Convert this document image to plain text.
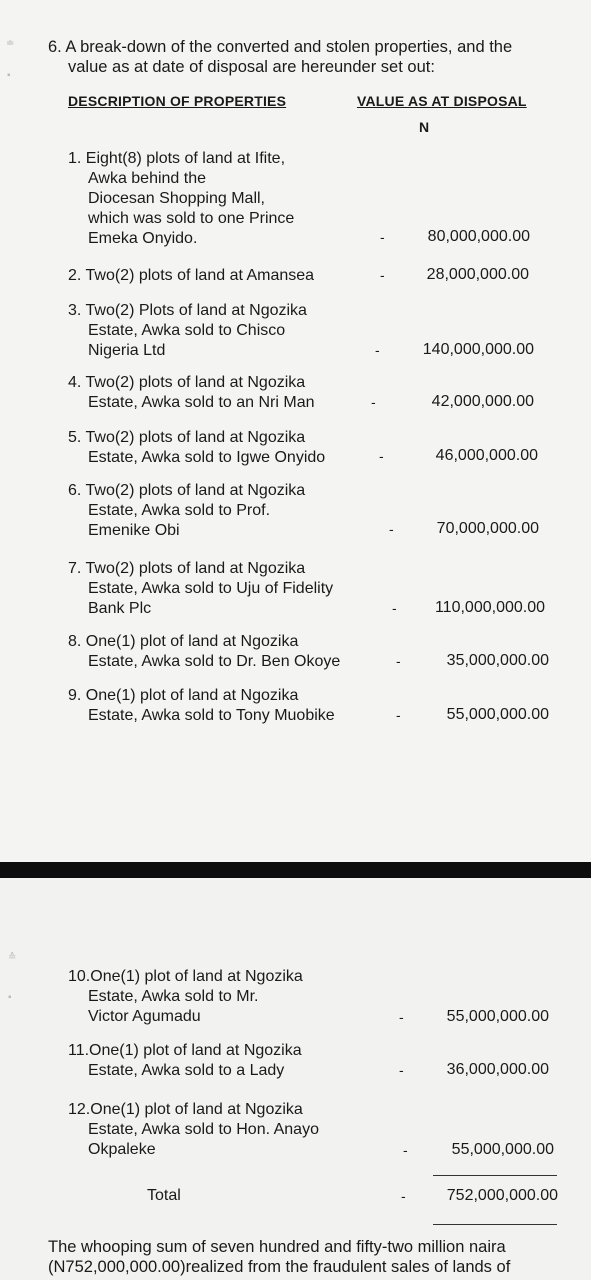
≐
▪
6. A break-down of the converted and stolen properties, and the
value as at date of disposal are hereunder set out:
DESCRIPTION OF PROPERTIES	VALUE AS AT DISPOSAL
N
1. Eight(8) plots of land at Ifite,
Awka behind the
Diocesan Shopping Mall,
which was sold to one Prince
Emeka Onyido.	-	80,000,000.00
2. Two(2) plots of land at Amansea	-	28,000,000.00
3. Two(2) Plots of land at Ngozika
Estate, Awka sold to Chisco
Nigeria Ltd	-	140,000,000.00
4. Two(2) plots of land at Ngozika
Estate, Awka sold to an Nri Man	-	42,000,000.00
5. Two(2) plots of land at Ngozika
Estate, Awka sold to Igwe Onyido	-	46,000,000.00
6. Two(2) plots of land at Ngozika
Estate, Awka sold to Prof.
Emenike Obi	-	70,000,000.00
7. Two(2) plots of land at Ngozika
Estate, Awka sold to Uju of Fidelity
Bank Plc	-	110,000,000.00
8. One(1) plot of land at Ngozika
Estate, Awka sold to Dr. Ben Okoye	-	35,000,000.00
9. One(1) plot of land at Ngozika
Estate, Awka sold to Tony Muobike	-	55,000,000.00
≙
▪
10.One(1) plot of land at Ngozika
Estate, Awka sold to Mr.
Victor Agumadu	-	55,000,000.00
11.One(1) plot of land at Ngozika
Estate, Awka sold to a Lady	-	36,000,000.00
12.One(1) plot of land at Ngozika
Estate, Awka sold to Hon. Anayo
Okpaleke	-	55,000,000.00
Total	-	752,000,000.00
The whooping sum of seven hundred and fifty-two million naira
(N752,000,000.00)realized from the fraudulent sales of lands of
